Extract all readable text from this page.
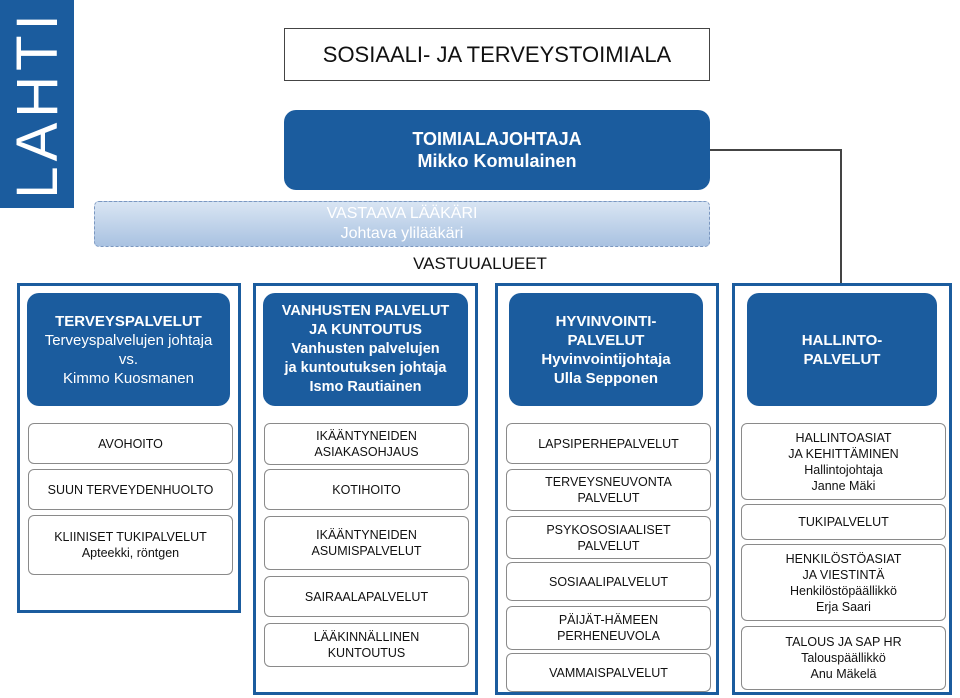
LAHTI	SOSIAALI- JA TERVEYSTOIMIALA
TOIMIALAJOHTAJA
Mikko Komulainen
VASTAAVA LÄÄKÄRI
Johtava ylilääkäri
VASTUUALUEET
TERVEYSPALVELUT
Terveyspalvelujen johtaja
vs.
Kimmo Kuosmanen
AVOHOITO
SUUN TERVEYDENHUOLTO
KLIINISET TUKIPALVELUT
Apteekki, röntgen
VANHUSTEN PALVELUT
JA KUNTOUTUS
Vanhusten palvelujen
ja kuntoutuksen johtaja
Ismo Rautiainen
IKÄÄNTYNEIDEN
ASIAKASOHJAUS
KOTIHOITO
IKÄÄNTYNEIDEN
ASUMISPALVELUT
SAIRAALAPALVELUT
LÄÄKINNÄLLINEN
KUNTOUTUS
HYVINVOINTI-
PALVELUT
Hyvinvointijohtaja
Ulla Sepponen
LAPSIPERHEPALVELUT
TERVEYSNEUVONTA
PALVELUT
PSYKOSOSIAALISET
PALVELUT
SOSIAALIPALVELUT
PÄIJÄT-HÄMEEN
PERHENEUVOLA
VAMMAISPALVELUT
HALLINTO-
PALVELUT
HALLINTOASIAT
JA KEHITTÄMINEN
Hallintojohtaja
Janne Mäki
TUKIPALVELUT
HENKILÖSTÖASIAT
JA VIESTINTÄ
Henkilöstöpäällikkö
Erja Saari
TALOUS JA SAP HR
Talouspäällikkö
Anu Mäkelä
